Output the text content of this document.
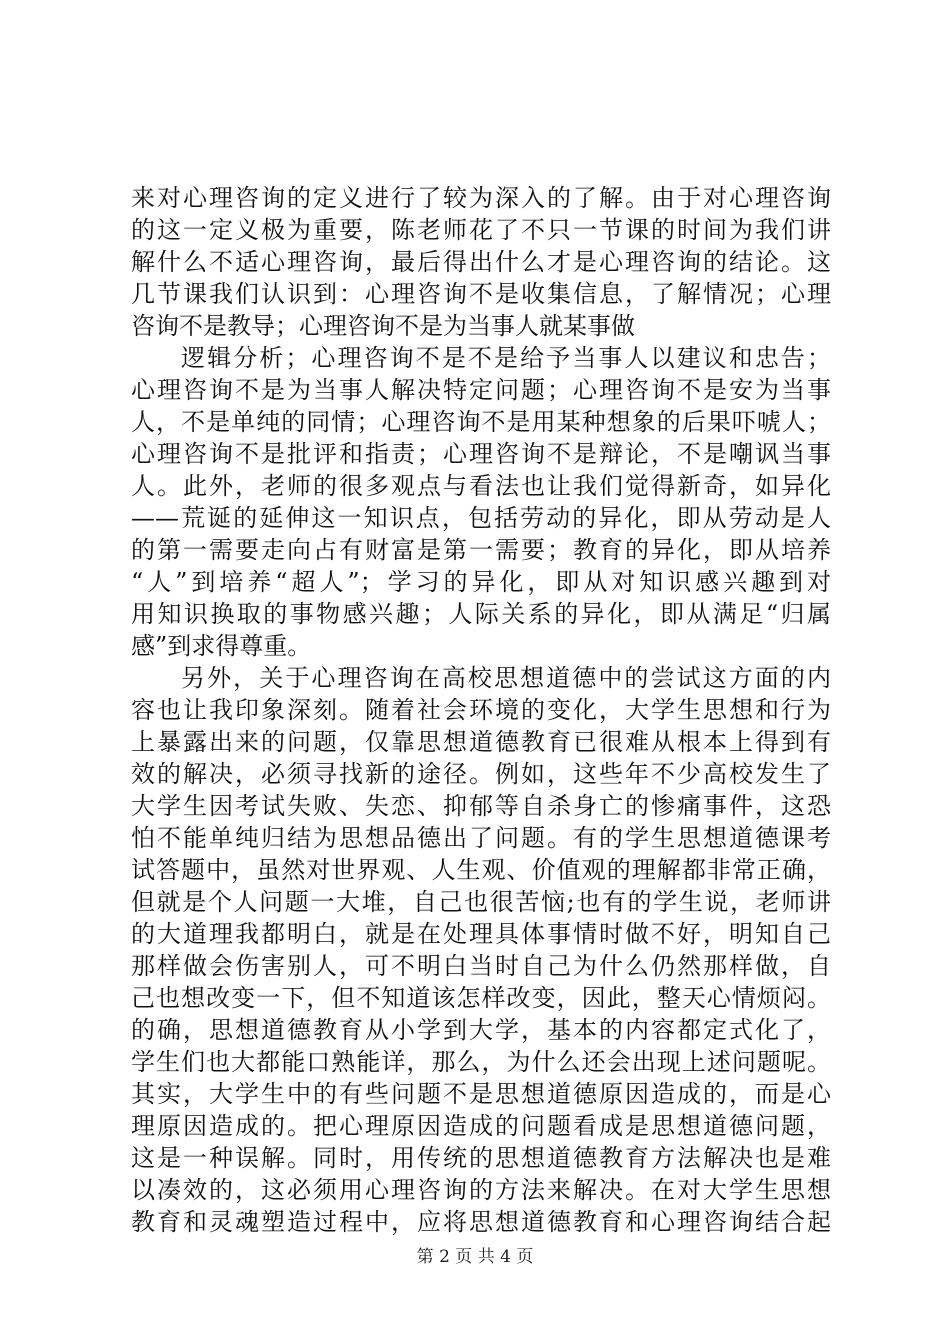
来对心理咨询的定义进行了较为深入的了解。由于对心理咨询
的这一定义极为重要，陈老师花了不只一节课的时间为我们讲
解什么不适心理咨询，最后得出什么才是心理咨询的结论。这
几节课我们认识到：心理咨询不是收集信息，了解情况；心理
咨询不是教导；心理咨询不是为当事人就某事做
逻辑分析；心理咨询不是不是给予当事人以建议和忠告；
心理咨询不是为当事人解决特定问题；心理咨询不是安为当事
人，不是单纯的同情；心理咨询不是用某种想象的后果吓唬人；
心理咨询不是批评和指责；心理咨询不是辩论，不是嘲讽当事
人。此外，老师的很多观点与看法也让我们觉得新奇，如异化
——荒诞的延伸这一知识点，包括劳动的异化，即从劳动是人
的第一需要走向占有财富是第一需要；教育的异化，即从培养
“人”到培养“超人”；学习的异化，即从对知识感兴趣到对
用知识换取的事物感兴趣；人际关系的异化，即从满足“归属
感”到求得尊重。
另外，关于心理咨询在高校思想道德中的尝试这方面的内
容也让我印象深刻。随着社会环境的变化，大学生思想和行为
上暴露出来的问题，仅靠思想道德教育已很难从根本上得到有
效的解决，必须寻找新的途径。例如，这些年不少高校发生了
大学生因考试失败、失恋、抑郁等自杀身亡的惨痛事件，这恐
怕不能单纯归结为思想品德出了问题。有的学生思想道德课考
试答题中，虽然对世界观、人生观、价值观的理解都非常正确，
但就是个人问题一大堆，自己也很苦恼;也有的学生说，老师讲
的大道理我都明白，就是在处理具体事情时做不好，明知自己
那样做会伤害别人，可不明白当时自己为什么仍然那样做，自
己也想改变一下，但不知道该怎样改变，因此，整天心情烦闷。
的确，思想道德教育从小学到大学，基本的内容都定式化了，
学生们也大都能口熟能详，那么，为什么还会出现上述问题呢。
其实，大学生中的有些问题不是思想道德原因造成的，而是心
理原因造成的。把心理原因造成的问题看成是思想道德问题，
这是一种误解。同时，用传统的思想道德教育方法解决也是难
以凑效的，这必须用心理咨询的方法来解决。在对大学生思想
教育和灵魂塑造过程中，应将思想道德教育和心理咨询结合起
第 2 页 共 4 页
